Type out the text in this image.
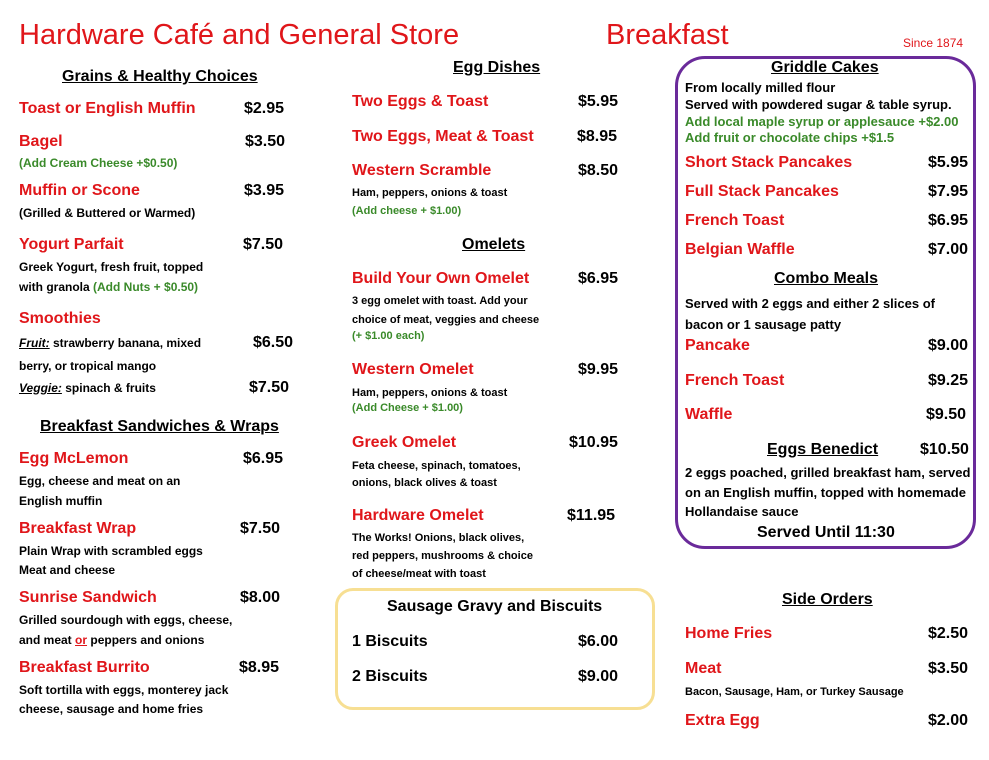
Hardware Café and General Store	Breakfast	Since 1874
Grains & Healthy Choices
Toast or English Muffin	$2.95
Bagel	$3.50
(Add Cream Cheese +$0.50)
Muffin or Scone	$3.95
(Grilled & Buttered or Warmed)
Yogurt Parfait	$7.50
Greek Yogurt, fresh fruit, topped
with granola (Add Nuts + $0.50)
Smoothies
Fruit: strawberry banana, mixed	$6.50
berry, or tropical mango
Veggie: spinach & fruits	$7.50
Breakfast Sandwiches & Wraps
Egg McLemon	$6.95
Egg, cheese and meat on an
English muffin
Breakfast Wrap	$7.50
Plain Wrap with scrambled eggs
Meat and cheese
Sunrise Sandwich	$8.00
Grilled sourdough with eggs, cheese,
and meat or peppers and onions
Breakfast Burrito	$8.95
Soft tortilla with eggs, monterey jack
cheese, sausage and home fries
Egg Dishes
Two Eggs & Toast	$5.95
Two Eggs, Meat & Toast	$8.95
Western Scramble	$8.50
Ham, peppers, onions & toast
(Add cheese + $1.00)
Omelets
Build Your Own Omelet	$6.95
3 egg omelet with toast. Add your
choice of meat, veggies and cheese
(+ $1.00 each)
Western Omelet	$9.95
Ham, peppers, onions & toast
(Add Cheese + $1.00)
Greek Omelet	$10.95
Feta cheese, spinach, tomatoes,
onions, black olives & toast
Hardware Omelet	$11.95
The Works! Onions, black olives,
red peppers, mushrooms & choice
of cheese/meat with toast
Sausage Gravy and Biscuits
1 Biscuits	$6.00
2 Biscuits	$9.00
Griddle Cakes
From locally milled flour
Served with powdered sugar & table syrup.
Add local maple syrup or applesauce +$2.00
Add fruit or chocolate chips +$1.5
Short Stack Pancakes	$5.95
Full Stack Pancakes	$7.95
French Toast	$6.95
Belgian Waffle	$7.00
Combo Meals
Served with 2 eggs and either 2 slices of
bacon or 1 sausage patty
Pancake	$9.00
French Toast	$9.25
Waffle	$9.50
Eggs Benedict	$10.50
2 eggs poached, grilled breakfast ham, served
on an English muffin, topped with homemade
Hollandaise sauce
Served Until 11:30
Side Orders
Home Fries	$2.50
Meat	$3.50
Bacon, Sausage, Ham, or Turkey Sausage
Extra Egg	$2.00
